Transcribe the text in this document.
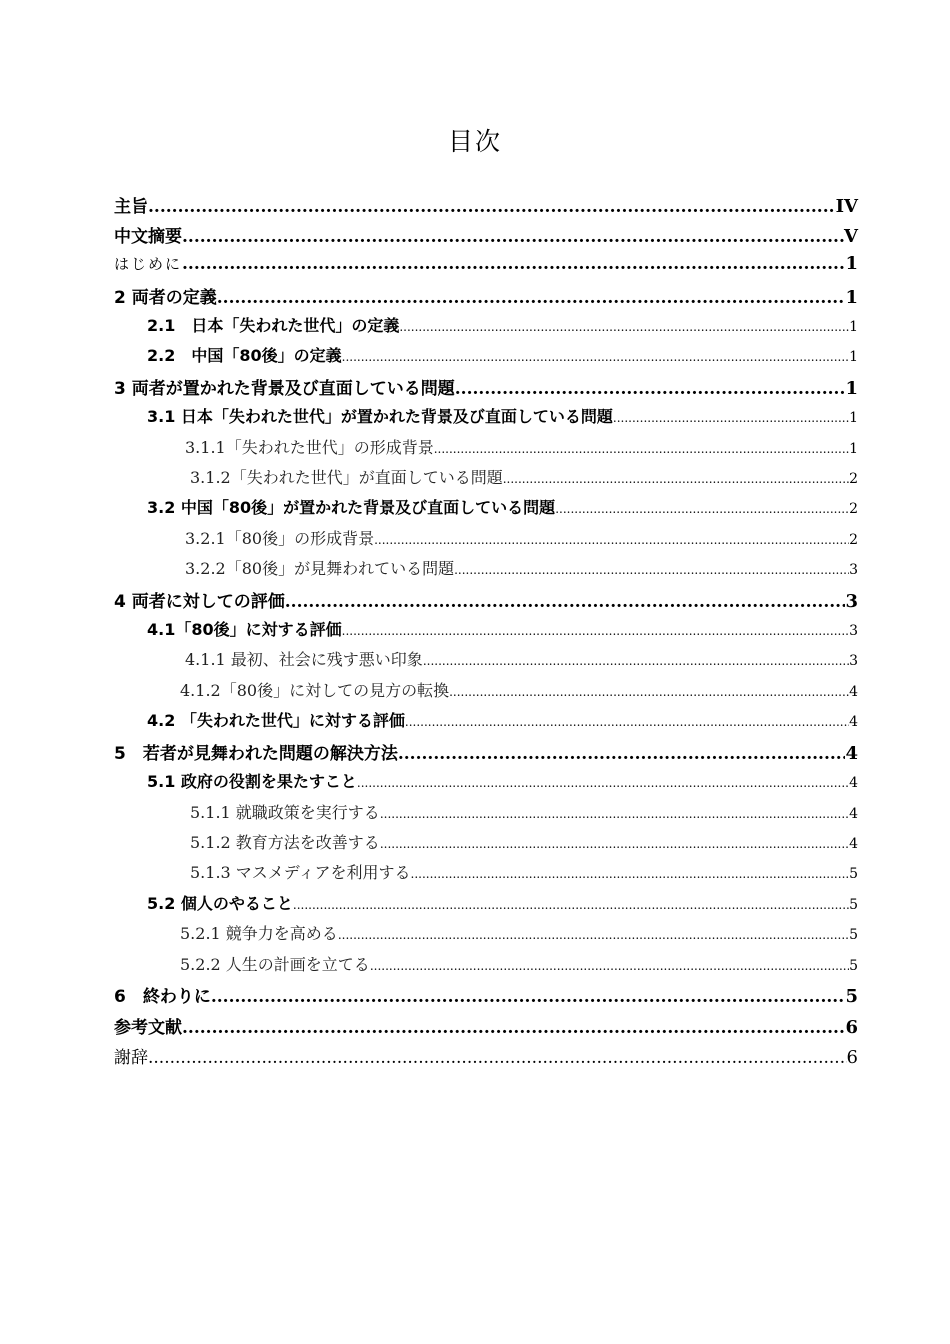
目次
主旨 .....	IV
中文摘要 .....	V
はじめに .....	1
2 両者の定義 .....	1
2.1　日本「失われた世代」の定義 .....	1
2.2　中国「80後」の定義 .....	1
3 両者が置かれた背景及び直面している問題 .....	1
3.1 日本「失われた世代」が置かれた背景及び直面している問題 .....	1
3.1.1「失われた世代」の形成背景 .....	1
3.1.2「失われた世代」が直面している問題 .....	2
3.2 中国「80後」が置かれた背景及び直面している問題 .....	2
3.2.1「80後」の形成背景 .....	2
3.2.2「80後」が見舞われている問題 .....	3
4 両者に対しての評価 .....	3
4.1「80後」に対する評価 .....	3
4.1.1 最初、社会に残す悪い印象 .....	3
4.1.2「80後」に対しての見方の転換 .....	4
4.2 「失われた世代」に対する評価 .....	4
5　若者が見舞われた問題の解決方法 .....	4
5.1 政府の役割を果たすこと .....	4
5.1.1 就職政策を実行する .....	4
5.1.2 教育方法を改善する .....	4
5.1.3 マスメディアを利用する .....	5
5.2 個人のやること .....	5
5.2.1 競争力を高める .....	5
5.2.2 人生の計画を立てる .....	5
6　終わりに .....	5
参考文献 .....	6
謝辞 .....	6
